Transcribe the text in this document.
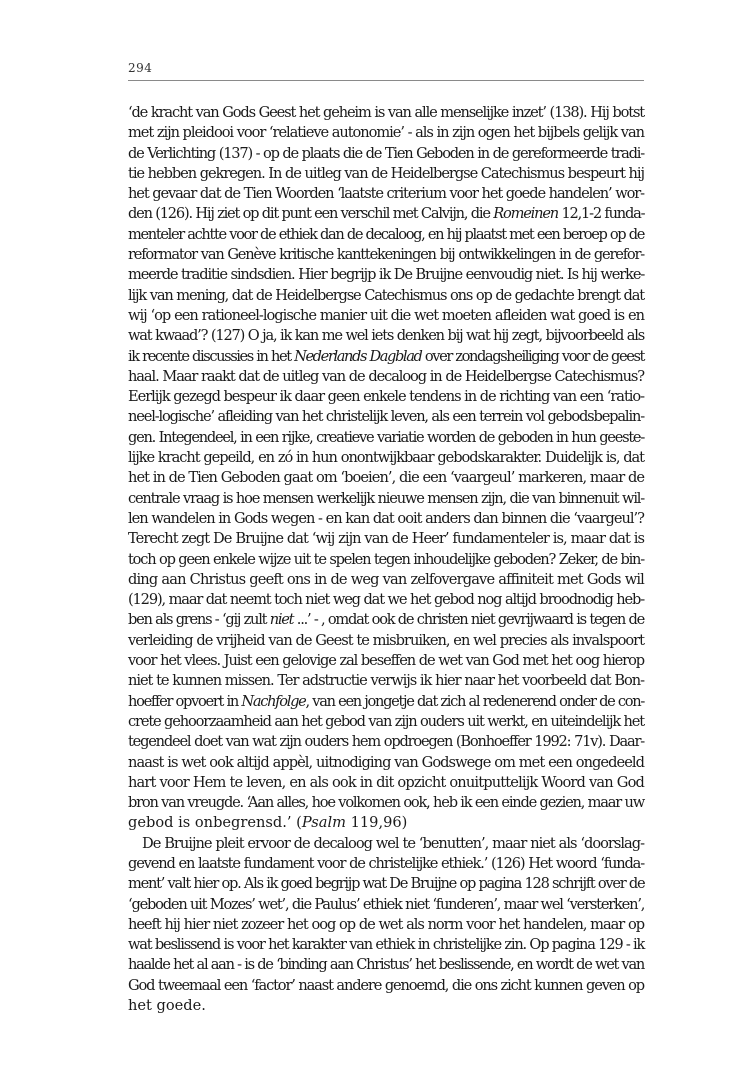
294
‘de kracht van Gods Geest het geheim is van alle menselijke inzet’ (138). Hij botst
met zijn pleidooi voor ‘relatieve autonomie’ - als in zijn ogen het bijbels gelijk van
de Verlichting (137) - op de plaats die de Tien Geboden in de gereformeerde tradi-
tie hebben gekregen. In de uitleg van de Heidelbergse Catechismus bespeurt hij
het gevaar dat de Tien Woorden ‘laatste criterium voor het goede handelen’ wor-
den (126). Hij ziet op dit punt een verschil met Calvijn, die Romeinen 12,1-2 funda-
menteler achtte voor de ethiek dan de decaloog, en hij plaatst met een beroep op de
reformator van Genève kritische kanttekeningen bij ontwikkelingen in de gerefor-
meerde traditie sindsdien. Hier begrijp ik De Bruijne eenvoudig niet. Is hij werke-
lijk van mening, dat de Heidelbergse Catechismus ons op de gedachte brengt dat
wij ‘op een rationeel-logische manier uit die wet moeten afleiden wat goed is en
wat kwaad’? (127) O ja, ik kan me wel iets denken bij wat hij zegt, bijvoorbeeld als
ik recente discussies in het Nederlands Dagblad over zondagsheiliging voor de geest
haal. Maar raakt dat de uitleg van de decaloog in de Heidelbergse Catechismus?
Eerlijk gezegd bespeur ik daar geen enkele tendens in de richting van een ‘ratio-
neel-logische’ afleiding van het christelijk leven, als een terrein vol gebodsbepalin-
gen. Integendeel, in een rijke, creatieve variatie worden de geboden in hun geeste-
lijke kracht gepeild, en zó in hun onontwijkbaar gebodskarakter. Duidelijk is, dat
het in de Tien Geboden gaat om ‘boeien’, die een ‘vaargeul’ markeren, maar de
centrale vraag is hoe mensen werkelijk nieuwe mensen zijn, die van binnenuit wil-
len wandelen in Gods wegen - en kan dat ooit anders dan binnen die ‘vaargeul’?
Terecht zegt De Bruijne dat ‘wij zijn van de Heer’ fundamenteler is, maar dat is
toch op geen enkele wijze uit te spelen tegen inhoudelijke geboden? Zeker, de bin-
ding aan Christus geeft ons in de weg van zelfovergave affiniteit met Gods wil
(129), maar dat neemt toch niet weg dat we het gebod nog altijd broodnodig heb-
ben als grens - ‘gij zult niet ...’ - , omdat ook de christen niet gevrijwaard is tegen de
verleiding de vrijheid van de Geest te misbruiken, en wel precies als invalspoort
voor het vlees. Juist een gelovige zal beseffen de wet van God met het oog hierop
niet te kunnen missen. Ter adstructie verwijs ik hier naar het voorbeeld dat Bon-
hoeffer opvoert in Nachfolge, van een jongetje dat zich al redenerend onder de con-
crete gehoorzaamheid aan het gebod van zijn ouders uit werkt, en uiteindelijk het
tegendeel doet van wat zijn ouders hem opdroegen (Bonhoeffer 1992: 71v). Daar-
naast is wet ook altijd appèl, uitnodiging van Godswege om met een ongedeeld
hart voor Hem te leven, en als ook in dit opzicht onuitputtelijk Woord van God
bron van vreugde. ‘Aan alles, hoe volkomen ook, heb ik een einde gezien, maar uw
gebod is onbegrensd.’ (Psalm 119,96)
De Bruijne pleit ervoor de decaloog wel te ‘benutten’, maar niet als ‘doorslag-
gevend en laatste fundament voor de christelijke ethiek.’ (126) Het woord ‘funda-
ment’ valt hier op. Als ik goed begrijp wat De Bruijne op pagina 128 schrijft over de
‘geboden uit Mozes’ wet’, die Paulus’ ethiek niet ‘funderen’, maar wel ‘versterken’,
heeft hij hier niet zozeer het oog op de wet als norm voor het handelen, maar op
wat beslissend is voor het karakter van ethiek in christelijke zin. Op pagina 129 - ik
haalde het al aan - is de ‘binding aan Christus’ het beslissende, en wordt de wet van
God tweemaal een ‘factor’ naast andere genoemd, die ons zicht kunnen geven op
het goede.
